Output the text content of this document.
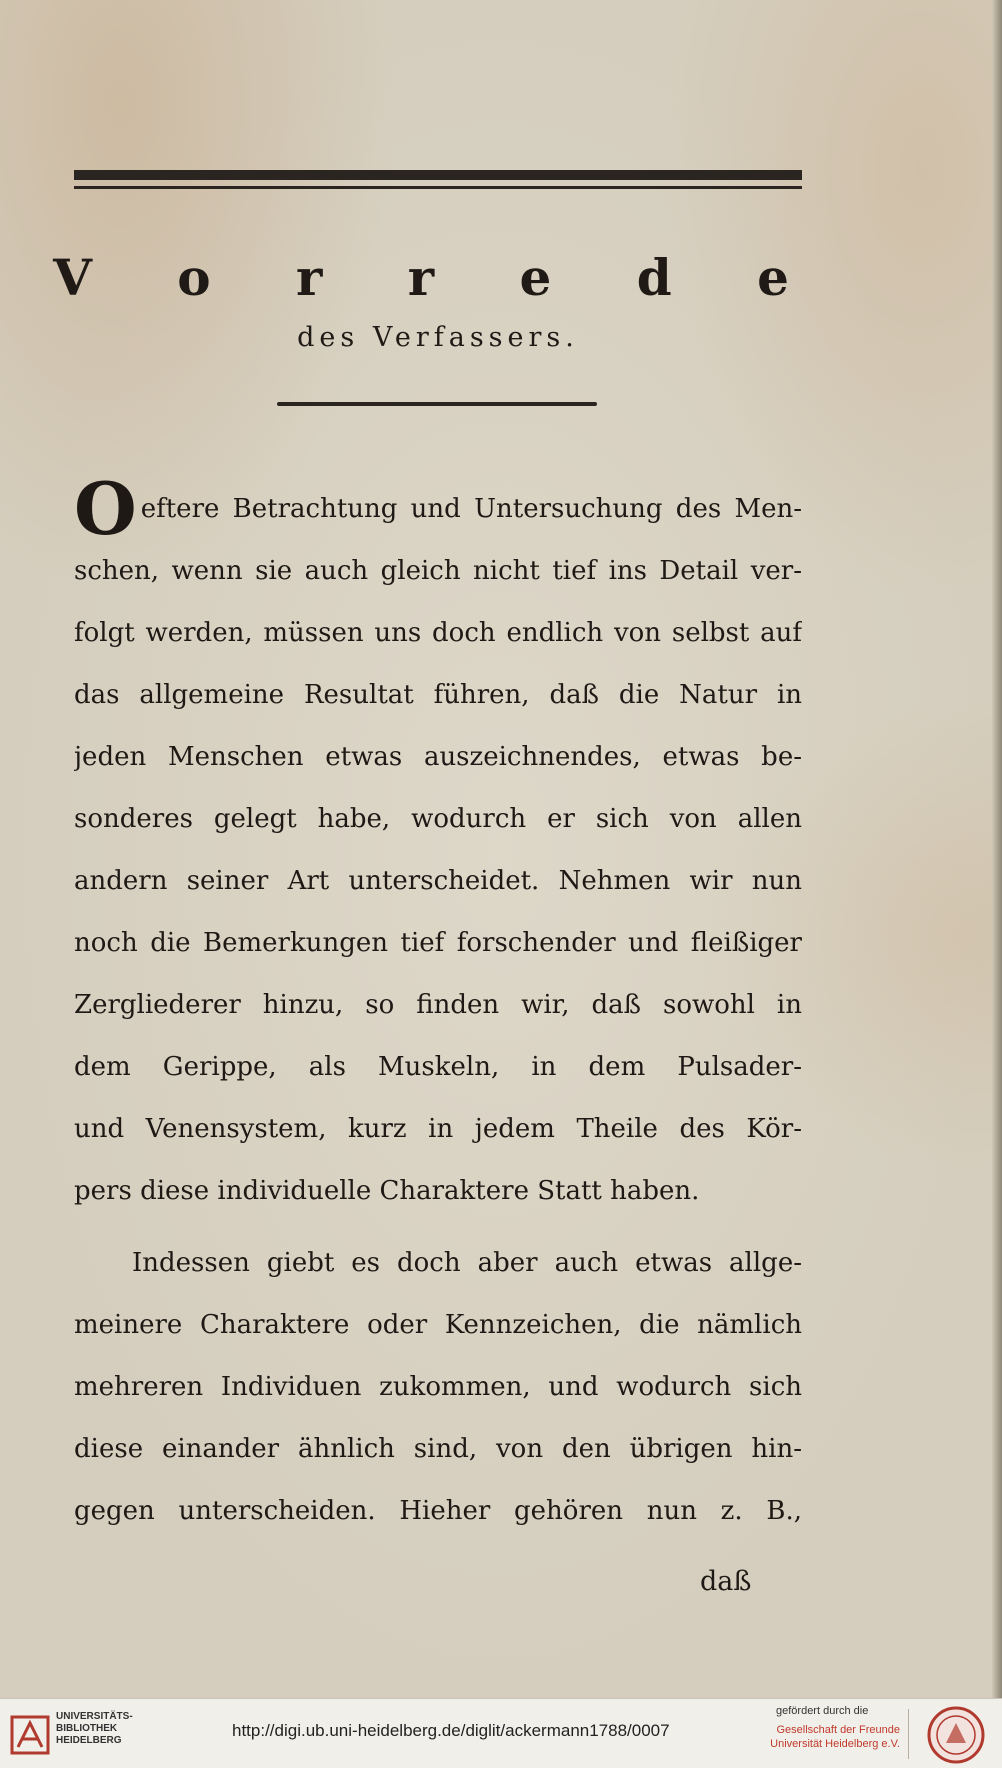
V o r r e d e

des Verfassers.

Oeftere Betrachtung und Untersuchung des Men-
schen, wenn sie auch gleich nicht tief ins Detail ver-
folgt werden, müssen uns doch endlich von selbst auf
das allgemeine Resultat führen, daß die Natur in
jeden Menschen etwas auszeichnendes, etwas be-
sonderes gelegt habe, wodurch er sich von allen
andern seiner Art unterscheidet. Nehmen wir nun
noch die Bemerkungen tief forschender und fleißiger
Zergliederer hinzu, so finden wir, daß sowohl in
dem Gerippe, als Muskeln, in dem Pulsader-
und Venensystem, kurz in jedem Theile des Kör-
pers diese individuelle Charaktere Statt haben.
Indessen giebt es doch aber auch etwas allge-
meinere Charaktere oder Kennzeichen, die nämlich
mehreren Individuen zukommen, und wodurch sich
diese einander ähnlich sind, von den übrigen hin-
gegen unterscheiden. Hieher gehören nun z. B.,
daß

UNIVERSITÄTS-
BIBLIOTHEK
HEIDELBERG

http://digi.ub.uni-heidelberg.de/diglit/ackermann1788/0007
gefördert durch die
Gesellschaft der Freunde
Universität Heidelberg e.V.
